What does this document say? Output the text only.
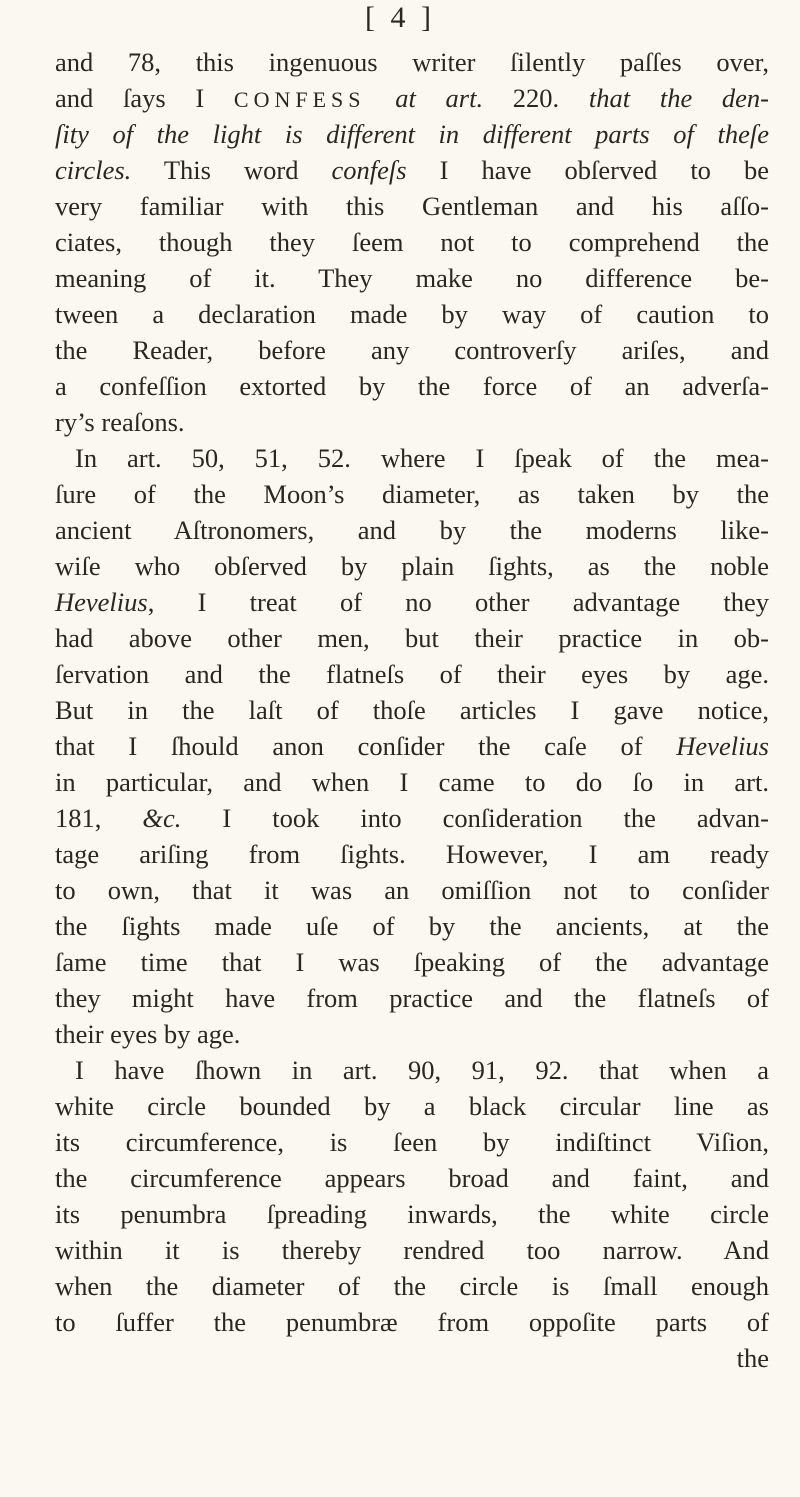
[ 4 ]
and 78, this ingenuous writer ſilently paſſes over,
and ſays I CONFESS at art. 220. that the den-
ſity of the light is different in different parts of theſe
circles. This word confeſs I have obſerved to be
very familiar with this Gentleman and his aſſo-
ciates, though they ſeem not to comprehend the
meaning of it. They make no difference be-
tween a declaration made by way of caution to
the Reader, before any controverſy ariſes, and
a confeſſion extorted by the force of an adverſa-
ry’s reaſons.
In art. 50, 51, 52. where I ſpeak of the mea-
ſure of the Moon’s diameter, as taken by the
ancient Aſtronomers, and by the moderns like-
wiſe who obſerved by plain ſights, as the noble
Hevelius, I treat of no other advantage they
had above other men, but their practice in ob-
ſervation and the flatneſs of their eyes by age.
But in the laſt of thoſe articles I gave notice,
that I ſhould anon conſider the caſe of Hevelius
in particular, and when I came to do ſo in art.
181, &c. I took into conſideration the advan-
tage ariſing from ſights. However, I am ready
to own, that it was an omiſſion not to conſider
the ſights made uſe of by the ancients, at the
ſame time that I was ſpeaking of the advantage
they might have from practice and the flatneſs of
their eyes by age.
I have ſhown in art. 90, 91, 92. that when a
white circle bounded by a black circular line as
its circumference, is ſeen by indiſtinct Viſion,
the circumference appears broad and faint, and
its penumbra ſpreading inwards, the white circle
within it is thereby rendred too narrow. And
when the diameter of the circle is ſmall enough
to ſuffer the penumbræ from oppoſite parts of
the
